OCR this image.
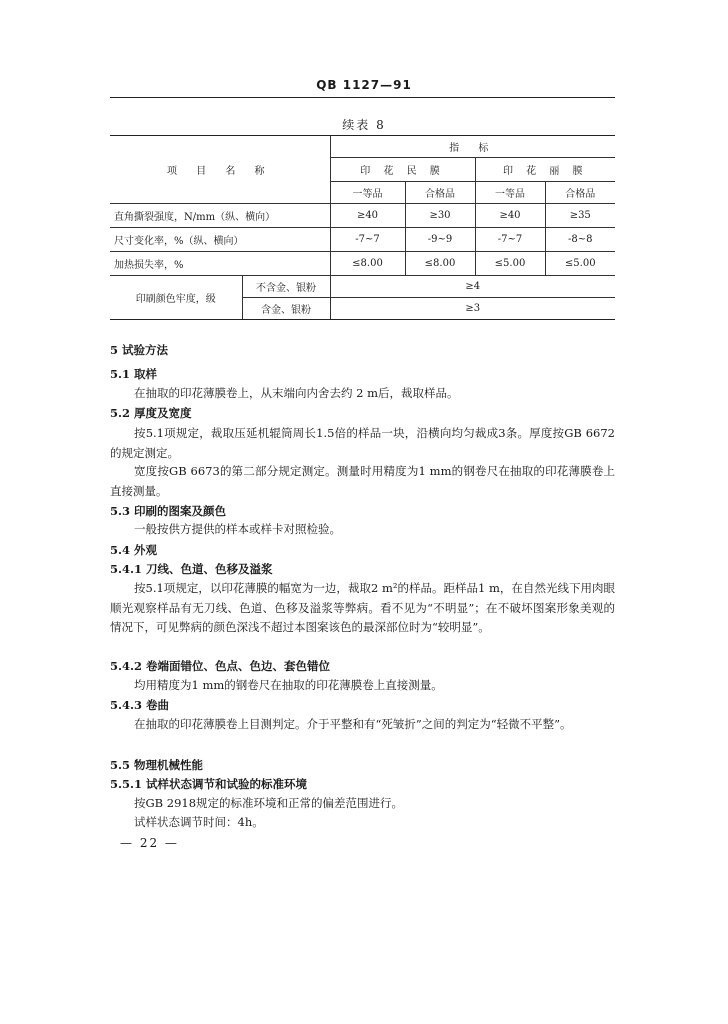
QB 1127—91
续表 8
项 目 名 称		指 标			
		印 花 民 膜		印 花 丽 膜	
		一等品	合格品	一等品	合格品
直角撕裂强度，N/mm（纵、横向）		≥40	≥30	≥40	≥35
尺寸变化率，%（纵、横向）		-7~7	-9~9	-7~7	-8~8
加热损失率，%		≤8.00	≤8.00	≤5.00	≤5.00
印刷颜色牢度，级	不含金、银粉	≥4			
	含金、银粉	≥3			
5 试验方法
5.1 取样
在抽取的印花薄膜卷上，从末端向内舍去约 2 m后，裁取样品。
5.2 厚度及宽度
按5.1项规定，裁取压延机辊筒周长1.5倍的样品一块，沿横向均匀裁成3条。厚度按GB 6672的规定测定。
宽度按GB 6673的第二部分规定测定。测量时用精度为1 mm的钢卷尺在抽取的印花薄膜卷上直接测量。
5.3 印刷的图案及颜色
一般按供方提供的样本或样卡对照检验。
5.4 外观
5.4.1 刀线、色道、色移及溢浆
按5.1项规定，以印花薄膜的幅宽为一边，裁取2 m²的样品。距样品1 m，在自然光线下用肉眼顺光观察样品有无刀线、色道、色移及溢浆等弊病。看不见为“不明显”；在不破坏图案形象美观的情况下，可见弊病的颜色深浅不超过本图案该色的最深部位时为“较明显”。
5.4.2 卷端面错位、色点、色边、套色错位
均用精度为1 mm的钢卷尺在抽取的印花薄膜卷上直接测量。
5.4.3 卷曲
在抽取的印花薄膜卷上目测判定。介于平整和有“死皱折”之间的判定为“轻微不平整”。
5.5 物理机械性能
5.5.1 试样状态调节和试验的标准环境
按GB 2918规定的标准环境和正常的偏差范围进行。
试样状态调节时间：4h。
— 22 —
